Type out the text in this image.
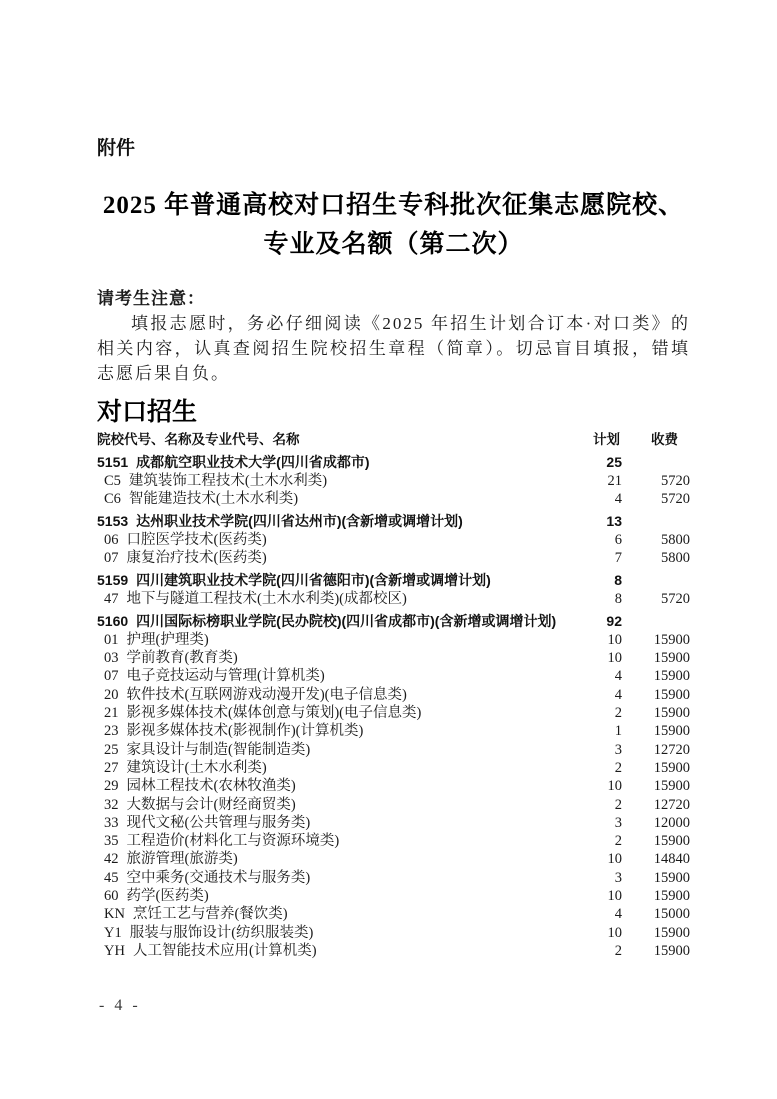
附件
2025 年普通高校对口招生专科批次征集志愿院校、
专业及名额（第二次）
请考生注意：
填报志愿时，务必仔细阅读《2025 年招生计划合订本·对口类》的相关内容，认真查阅招生院校招生章程（简章）。切忌盲目填报，错填志愿后果自负。
对口招生
院校代号、名称及专业代号、名称	计划	收费
5151 成都航空职业技术大学(四川省成都市)	25
C5 建筑装饰工程技术(土木水利类)	21	5720
C6 智能建造技术(土木水利类)	4	5720
5153 达州职业技术学院(四川省达州市)(含新增或调增计划)	13
06 口腔医学技术(医药类)	6	5800
07 康复治疗技术(医药类)	7	5800
5159 四川建筑职业技术学院(四川省德阳市)(含新增或调增计划)	8
47 地下与隧道工程技术(土木水利类)(成都校区)	8	5720
5160 四川国际标榜职业学院(民办院校)(四川省成都市)(含新增或调增计划)	92
01 护理(护理类)	10	15900
03 学前教育(教育类)	10	15900
07 电子竞技运动与管理(计算机类)	4	15900
20 软件技术(互联网游戏动漫开发)(电子信息类)	4	15900
21 影视多媒体技术(媒体创意与策划)(电子信息类)	2	15900
23 影视多媒体技术(影视制作)(计算机类)	1	15900
25 家具设计与制造(智能制造类)	3	12720
27 建筑设计(土木水利类)	2	15900
29 园林工程技术(农林牧渔类)	10	15900
32 大数据与会计(财经商贸类)	2	12720
33 现代文秘(公共管理与服务类)	3	12000
35 工程造价(材料化工与资源环境类)	2	15900
42 旅游管理(旅游类)	10	14840
45 空中乘务(交通技术与服务类)	3	15900
60 药学(医药类)	10	15900
KN 烹饪工艺与营养(餐饮类)	4	15000
Y1 服装与服饰设计(纺织服装类)	10	15900
YH 人工智能技术应用(计算机类)	2	15900
- 4 -
